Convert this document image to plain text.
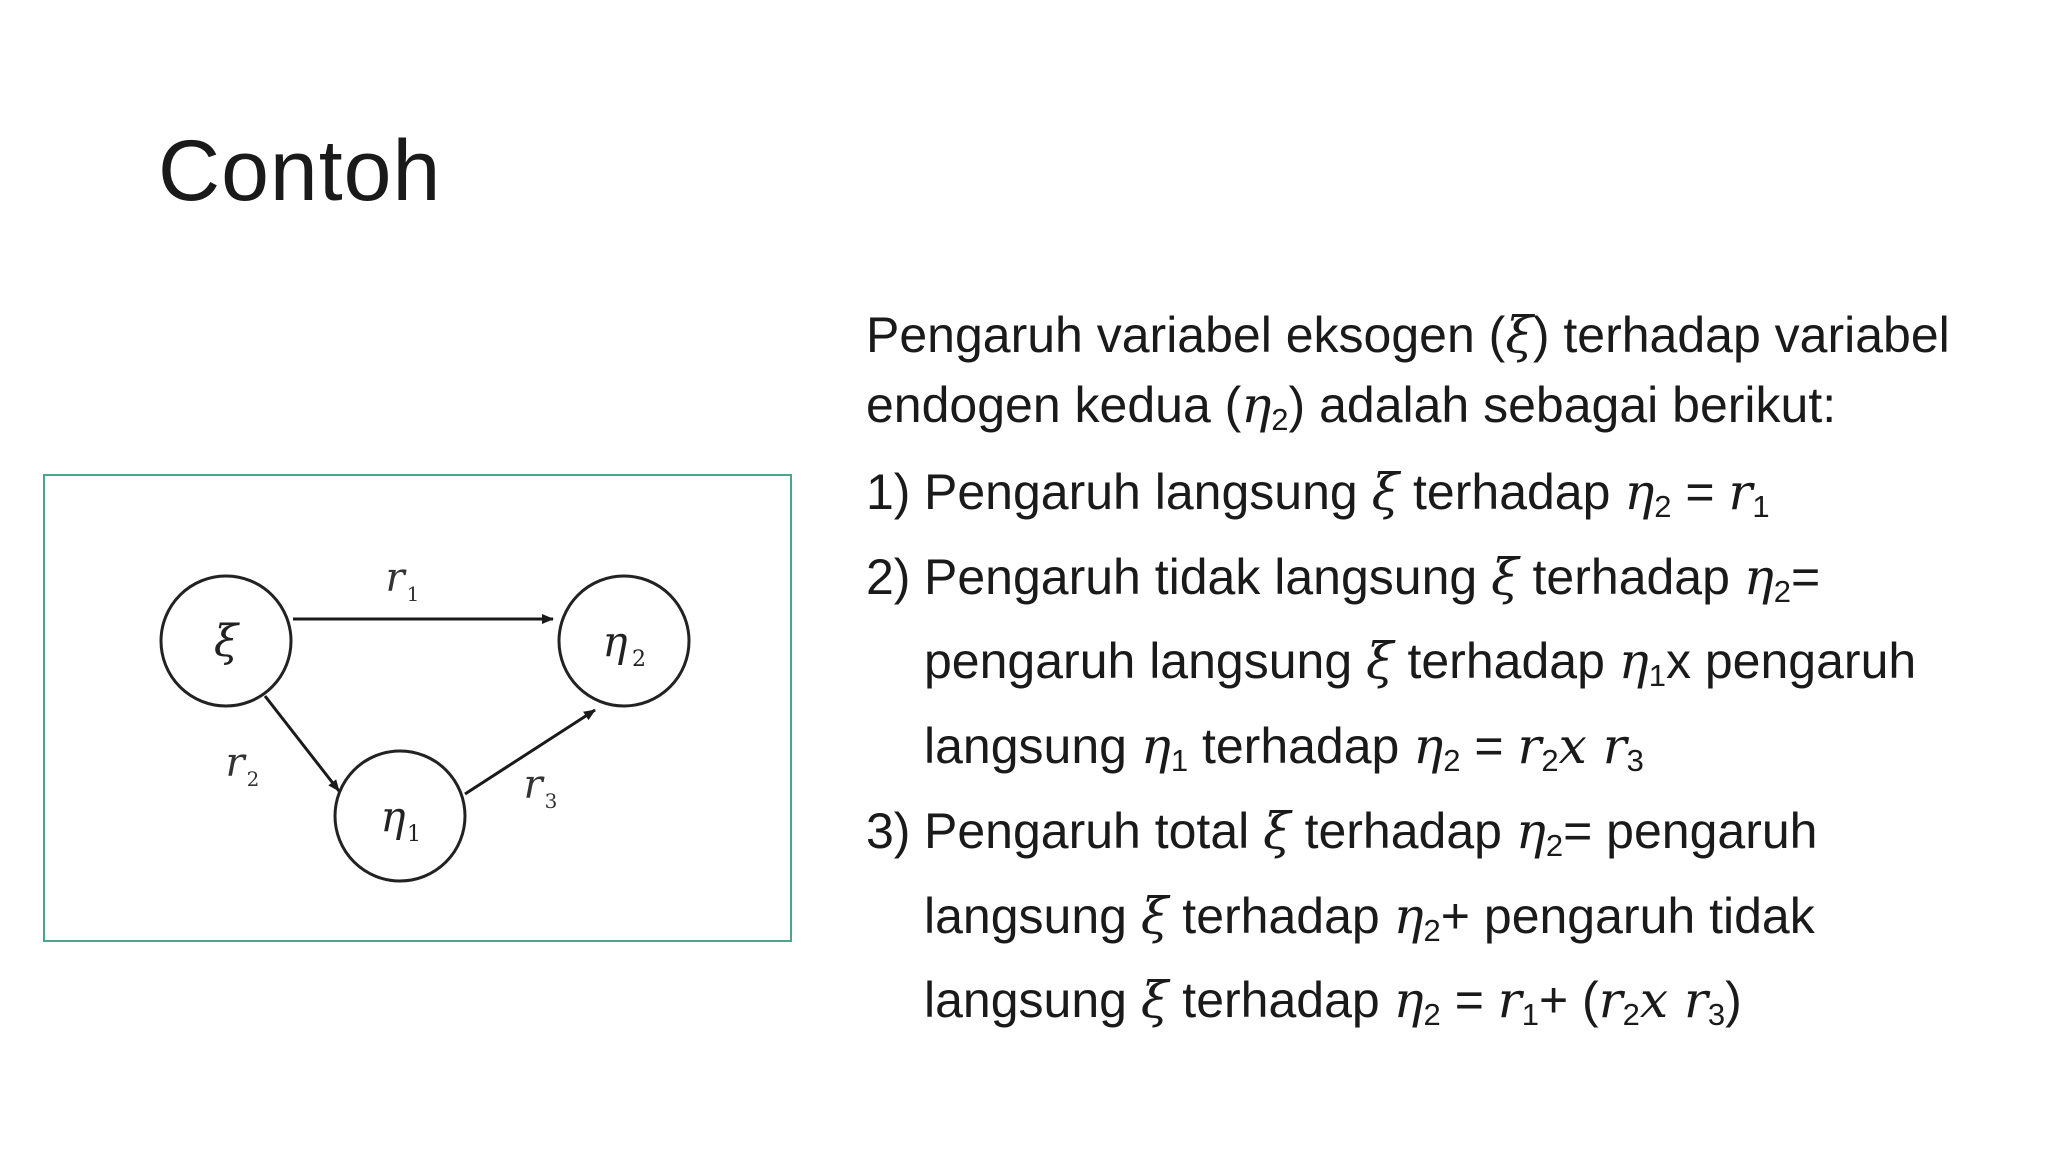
Contoh
ξ	η 2
η 1
r 1
r 2	r 3

Pengaruh variabel eksogen (ξ) terhadap variabel endogen kedua $(\eta_2)$ adalah sebagai berikut:

1) Pengaruh langsung ξ terhadap $\eta_2 = r_1$
2) Pengaruh tidak langsung ξ terhadap $\eta_2=$ pengaruh langsung ξ terhadap $\eta_1x$ pengaruh langsung $\eta_1$ terhadap $\eta_2 = r_2x$ $r_3$
3) Pengaruh total ξ terhadap $\eta_2=$ pengaruh langsung ξ terhadap $\eta_2+$ pengaruh tidak langsung ξ terhadap $\eta_2 = r_1+ (r_2x$ $r_3$)
